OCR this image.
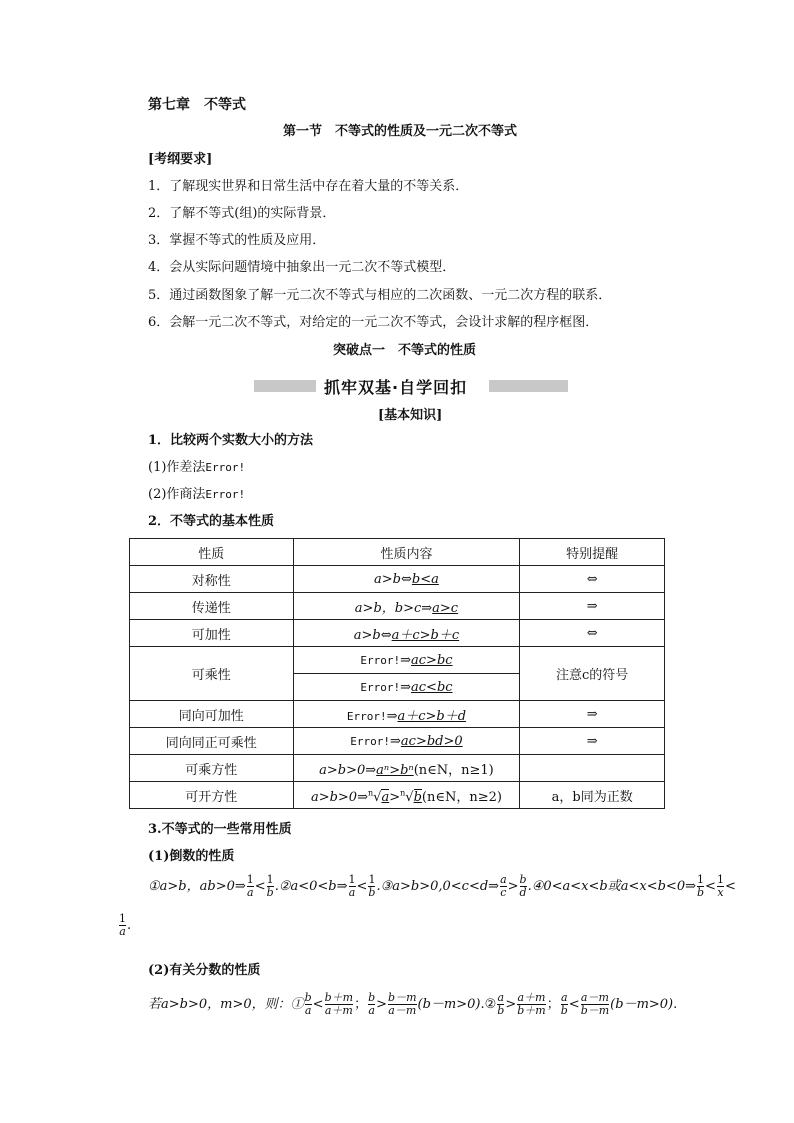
第七章　不等式
第一节　不等式的性质及一元二次不等式
[考纲要求]
1．了解现实世界和日常生活中存在着大量的不等关系．
2．了解不等式(组)的实际背景．
3．掌握不等式的性质及应用．
4．会从实际问题情境中抽象出一元二次不等式模型．
5．通过函数图象了解一元二次不等式与相应的二次函数、一元二次方程的联系．
6．会解一元二次不等式，对给定的一元二次不等式，会设计求解的程序框图．
突破点一　不等式的性质
抓牢双基·自学回扣
[基本知识]
1．比较两个实数大小的方法
(1)作差法Error!
(2)作商法Error!
2．不等式的基本性质
性质	性质内容	特别提醒
对称性	a>b⇔b<a	⇔
传递性	a>b，b>c⇒a>c	⇒
可加性	a>b⇔a＋c>b＋c	⇔
可乘性	Error!⇒ac>bc	注意c的符号
	Error!⇒ac<bc	
同向可加性	Error!⇒a＋c>b＋d	⇒
同向同正可乘性	Error!⇒ac>bd>0	⇒
可乘方性	a>b>0⇒aⁿ>bⁿ(n∈N，n≥1)	
可开方性	a>b>0⇒$^n$√a>$^n$√b(n∈N，n≥2)	a，b同为正数
3.不等式的一些常用性质
(1)倒数的性质
①a>b，ab>0⇒ $\frac{1}{a} < \frac{1}{b}$ .②a<0<b⇒ $\frac{1}{a} < \frac{1}{b}$ .③a>b>0,0<c<d⇒ $\frac{a}{c} > \frac{b}{d}$ .④0<a<x<b或a<x<b<0⇒ $\frac{1}{b} < \frac{1}{x}$ <
$\frac{1}{a}$ .
(2)有关分数的性质
若a>b>0，m>0，则：① $\frac{b}{a} < \frac{b+m}{a+m}$ ； $\frac{b}{a} > \frac{b-m}{a-m}$ (b－m>0).② $\frac{a}{b} > \frac{a+m}{b+m}$ ； $\frac{a}{b} < \frac{a-m}{b-m} (b-m>0)$.
